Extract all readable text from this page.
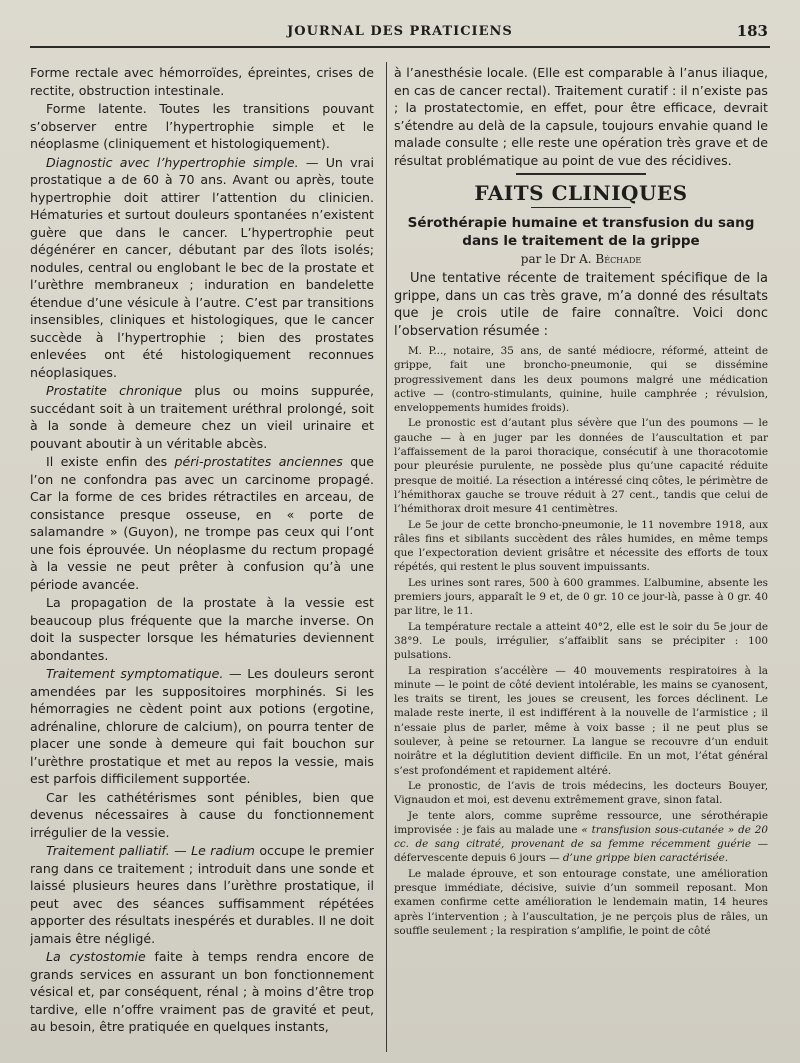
JOURNAL DES PRATICIENS	183

Forme rectale avec hémorroïdes, épreintes, crises de rectite, obstruction intestinale.

Forme latente. Toutes les transitions pouvant s’observer entre l’hypertrophie simple et le néoplasme (cliniquement et histologiquement).

Diagnostic avec l’hypertrophie simple. — Un vrai prostatique a de 60 à 70 ans. Avant ou après, toute hypertrophie doit attirer l’attention du clinicien. Hématuries et surtout douleurs spontanées n’existent guère que dans le cancer. L’hypertrophie peut dégénérer en cancer, débutant par des îlots isolés; nodules, central ou englobant le bec de la prostate et l’urèthre membraneux ; induration en bandelette étendue d’une vésicule à l’autre. C’est par transitions insensibles, cliniques et histologiques, que le cancer succède à l’hypertrophie ; bien des prostates enlevées ont été histologiquement reconnues néoplasiques.

Prostatite chronique plus ou moins suppurée, succédant soit à un traitement uréthral prolongé, soit à la sonde à demeure chez un vieil urinaire et pouvant aboutir à un véritable abcès.

Il existe enfin des péri-prostatites anciennes que l’on ne confondra pas avec un carcinome propagé. Car la forme de ces brides rétractiles en arceau, de consistance presque osseuse, en « porte de salamandre » (Guyon), ne trompe pas ceux qui l’ont une fois éprouvée. Un néoplasme du rectum propagé à la vessie ne peut prêter à confusion qu’à une période avancée.

La propagation de la prostate à la vessie est beaucoup plus fréquente que la marche inverse. On doit la suspecter lorsque les hématuries deviennent abondantes.

Traitement symptomatique. — Les douleurs seront amendées par les suppositoires morphinés. Si les hémorragies ne cèdent point aux potions (ergotine, adrénaline, chlorure de calcium), on pourra tenter de placer une sonde à demeure qui fait bouchon sur l’urèthre prostatique et met au repos la vessie, mais est parfois difficilement supportée.

Car les cathétérismes sont pénibles, bien que devenus nécessaires à cause du fonctionnement irrégulier de la vessie.

Traitement palliatif. — Le radium occupe le premier rang dans ce traitement ; introduit dans une sonde et laissé plusieurs heures dans l’urèthre prostatique, il peut avec des séances suffisamment répétées apporter des résultats inespérés et durables. Il ne doit jamais être négligé.

La cystostomie faite à temps rendra encore de grands services en assurant un bon fonctionnement vésical et, par conséquent, rénal ; à moins d’être trop tardive, elle n’offre vraiment pas de gravité et peut, au besoin, être pratiquée en quelques instants,

à l’anesthésie locale. (Elle est comparable à l’anus iliaque, en cas de cancer rectal). Traitement curatif : il n’existe pas ; la prostatectomie, en effet, pour être efficace, devrait s’étendre au delà de la capsule, toujours envahie quand le malade consulte ; elle reste une opération très grave et de résultat problématique au point de vue des récidives.

FAITS CLINIQUES
Sérothérapie humaine et transfusion du sang
dans le traitement de la grippe
par le Dr A. Béchade

Une tentative récente de traitement spécifique de la grippe, dans un cas très grave, m’a donné des résultats que je crois utile de faire connaître. Voici donc l’observation résumée :

M. P..., notaire, 35 ans, de santé médiocre, réformé, atteint de grippe, fait une broncho-pneumonie, qui se dissémine progressivement dans les deux poumons malgré une médication active — (contro-stimulants, quinine, huile camphrée ; révulsion, enveloppements humides froids).

Le pronostic est d’autant plus sévère que l’un des poumons — le gauche — à en juger par les données de l’auscultation et par l’affaissement de la paroi thoracique, consécutif à une thoracotomie pour pleurésie purulente, ne possède plus qu’une capacité réduite presque de moitié. La résection a intéressé cinq côtes, le périmètre de l’hémithorax gauche se trouve réduit à 27 cent., tandis que celui de l’hémithorax droit mesure 41 centimètres.

Le 5e jour de cette broncho-pneumonie, le 11 novembre 1918, aux râles fins et sibilants succèdent des râles humides, en même temps que l’expectoration devient grisâtre et nécessite des efforts de toux répétés, qui restent le plus souvent impuissants.

Les urines sont rares, 500 à 600 grammes. L’albumine, absente les premiers jours, apparaît le 9 et, de 0 gr. 10 ce jour-là, passe à 0 gr. 40 par litre, le 11.

La température rectale a atteint 40°2, elle est le soir du 5e jour de 38°9. Le pouls, irrégulier, s’affaiblit sans se précipiter : 100 pulsations.

La respiration s’accélère — 40 mouvements respiratoires à la minute — le point de côté devient intolérable, les mains se cyanosent, les traits se tirent, les joues se creusent, les forces déclinent. Le malade reste inerte, il est indifférent à la nouvelle de l’armistice ; il n’essaie plus de parler, même à voix basse ; il ne peut plus se soulever, à peine se retourner. La langue se recouvre d’un enduit noirâtre et la déglutition devient difficile. En un mot, l’état général s’est profondément et rapidement altéré.

Le pronostic, de l’avis de trois médecins, les docteurs Bouyer, Vignaudon et moi, est devenu extrêmement grave, sinon fatal.

Je tente alors, comme suprême ressource, une sérothérapie improvisée : je fais au malade une « transfusion sous-cutanée » de 20 cc. de sang citraté, provenant de sa femme récemment guérie — défervescente depuis 6 jours — d’une grippe bien caractérisée.

Le malade éprouve, et son entourage constate, une amélioration presque immédiate, décisive, suivie d’un sommeil reposant. Mon examen confirme cette amélioration le lendemain matin, 14 heures après l’intervention ; à l’auscultation, je ne perçois plus de râles, un souffle seulement ; la respiration s’amplifie, le point de côté
